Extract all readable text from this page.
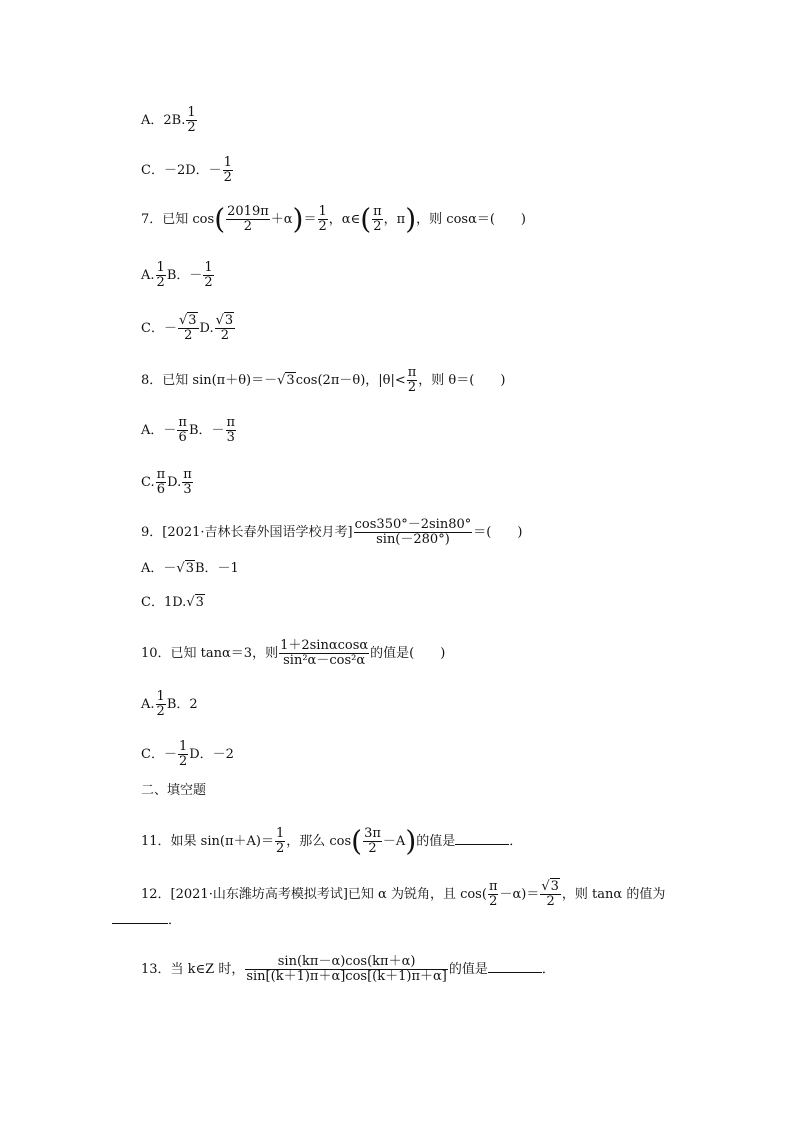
A．2B. $\frac{1}{2}$
C．－2D．－ $\frac{1}{2}$
7．已知 $\cos( \frac{2019\pi}{2} +\alpha)= \frac{1}{2}$ ，α∈( $\frac{\pi}{2}$ ，π)，则 cosα＝(　　)
A. $\frac{1}{2}$ B．－ $\frac{1}{2}$
C．－ $\frac{√3}{2} D$. $\frac{√3}{2}$
8．已知 sin(π＋θ)＝－√3cos(2π－θ)，$|\theta|< \frac{\pi}{2}$ ，则 θ＝(　　)
A．－ $\frac{\pi}{6}$ B．－ $\frac{\pi}{3}$
C. $\frac{\pi}{6} D$. $\frac{\pi}{3}$
9．[2021·吉林长春外国语学校月考] $\frac{\cos 350^\circ-2\sin 80^\circ}{\sin(-280^\circ)}$ ＝(　　)
A．－√3B．－1
C．1D.√3
10．已知 tanα＝3，则 $\frac{1+2\sin\alpha\cos\alpha}{\text{sin²α－cos²α}}$ 的值是(　　)
A. $\frac{1}{2}$ B．2
C．－ $\frac{1}{2}$ D．－2
二、填空题
11．如果 $\sin(\pi+A)= \frac{1}{2}$ ，那么 $\cos( \frac{3\pi}{2} -A)$的值是	．
12．[2021·山东潍坊高考模拟考试]已知 α 为锐角，且 $\cos( \frac{\pi}{2} -\alpha)= \frac{√3}{2}$ ，则 tanα 的值为
．
13．当 k∈Z 时， $\frac{\sin(k\pi-\alpha)\cos(k\pi+\alpha)}{\sin[(k+1)\pi+\alpha]\cos[(k+1)\pi+\alpha]}$ 的值是	．
